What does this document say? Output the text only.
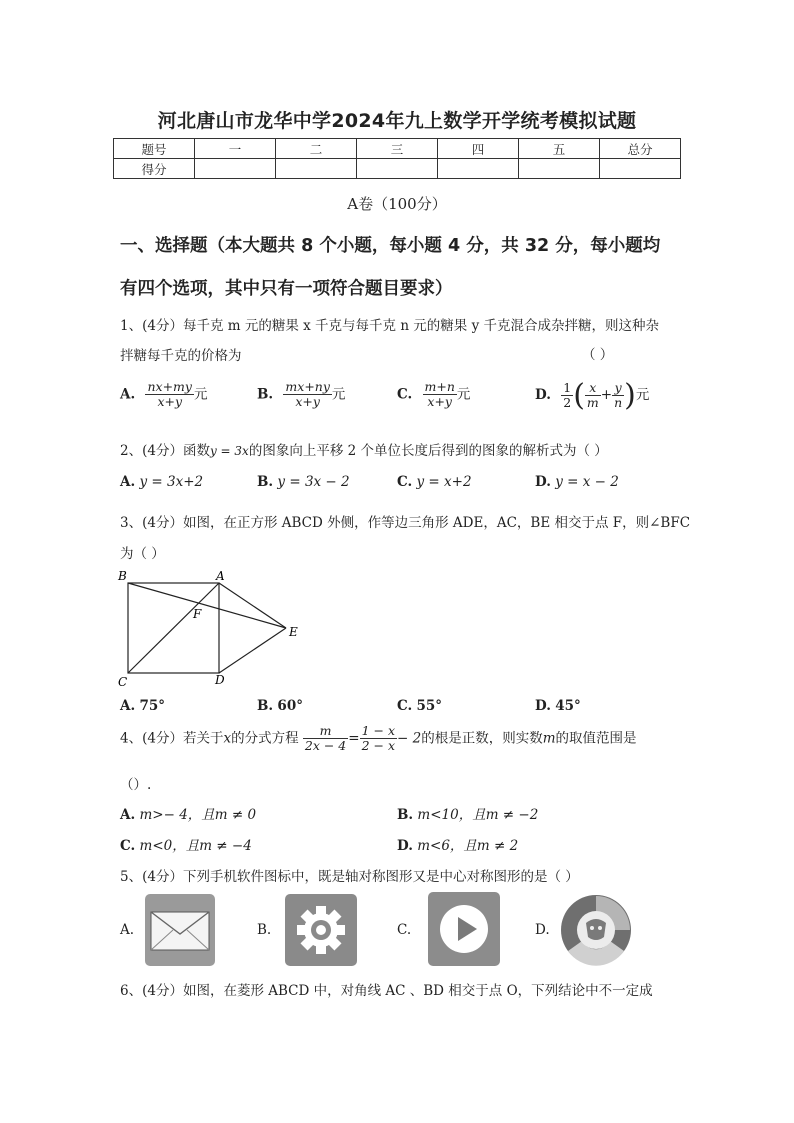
河北唐山市龙华中学2024年九上数学开学统考模拟试题
题号	一	二	三	四	五	总分
得分						
A卷（100分）
一、选择题（本大题共 8 个小题，每小题 4 分，共 32 分，每小题均
有四个选项，其中只有一项符合题目要求）
1、(4分）每千克 m 元的糖果 x 千克与每千克 n 元的糖果 y 千克混合成杂拌糖，则这种杂
拌糖每千克的价格为	（ ）
A. $\frac{nx+my}{x+y}$ 元	B. $\frac{mx+ny}{x+y}$ 元	C. $\frac{m+n}{x+y}$ 元	D. $\frac{1}{2}$ ( $\frac{x}{m} + \frac{y}{n}$ )元
2、(4分）函数y = 3x的图象向上平移 2 个单位长度后得到的图象的解析式为（ ）
A. y = 3x+2	B. y = 3x − 2	C. y = x+2	D. y = x − 2
3、(4分）如图，在正方形 ABCD 外侧，作等边三角形 ADE，AC，BE 相交于点 F，则∠BFC
为（ ）
B	A
F
E
C	D
A. 75°	B. 60°	C. 55°	D. 45°
4、(4分）若关于x的分式方程 $\frac{m}{2x - 4} = \frac{1 - x}{2 - x} - 2$的根是正数，则实数m的取值范围是
（）.
A. m>− 4，且m ≠ 0	B. m<10，且m ≠ −2
C. m<0，且m ≠ −4	D. m<6，且m ≠ 2
5、(4分）下列手机软件图标中，既是轴对称图形又是中心对称图形的是（ ）
A.	B.	C.	D.
6、(4分）如图，在菱形 ABCD 中，对角线 AC 、BD 相交于点 O，下列结论中不一定成
